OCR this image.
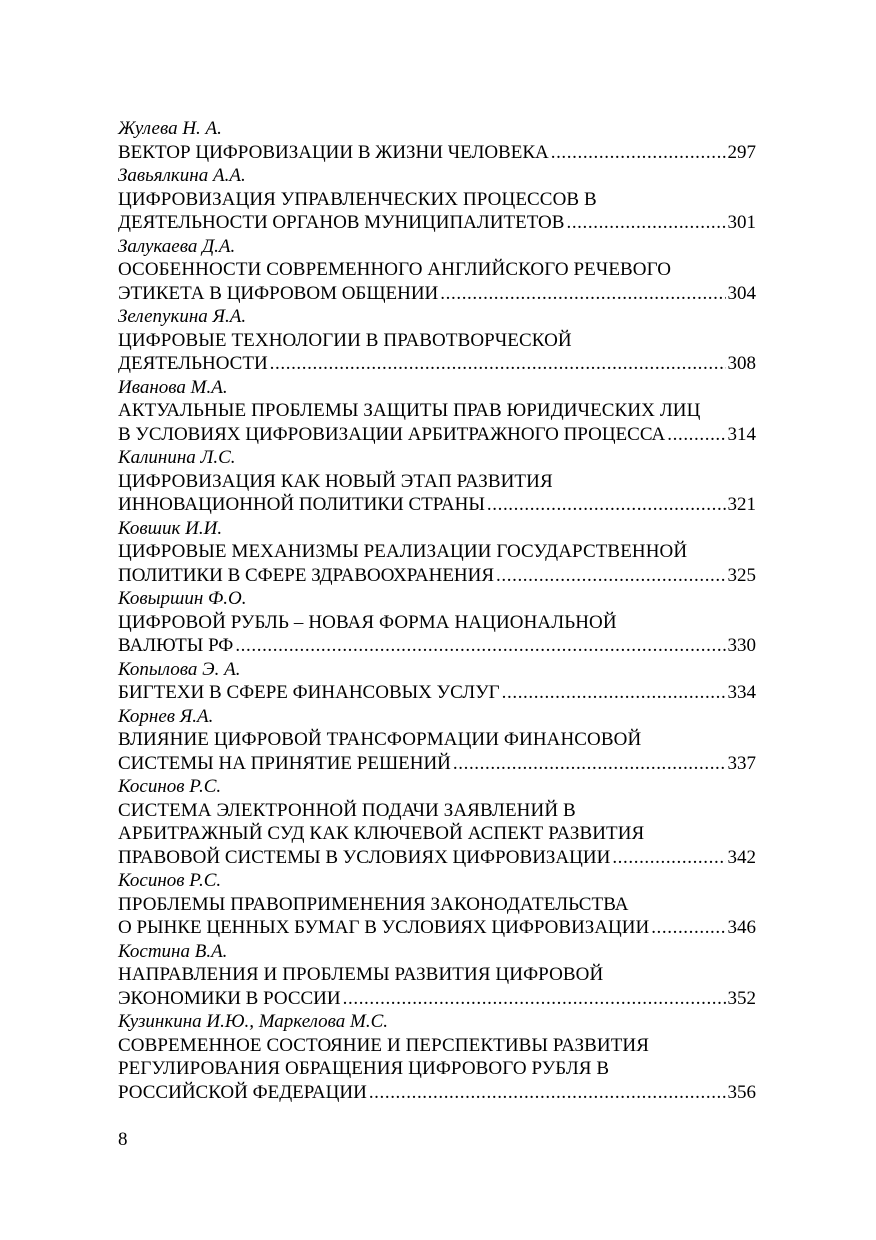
Жулева Н. А.
ВЕКТОР ЦИФРОВИЗАЦИИ В ЖИЗНИ ЧЕЛОВЕКА .....	297
Завьялкина А.А.
ЦИФРОВИЗАЦИЯ УПРАВЛЕНЧЕСКИХ ПРОЦЕССОВ В
ДЕЯТЕЛЬНОСТИ ОРГАНОВ МУНИЦИПАЛИТЕТОВ .....	301
Залукаева Д.А.
ОСОБЕННОСТИ СОВРЕМЕННОГО АНГЛИЙСКОГО РЕЧЕВОГО
ЭТИКЕТА В ЦИФРОВОМ ОБЩЕНИИ .....	304
Зелепукина Я.А.
ЦИФРОВЫЕ ТЕХНОЛОГИИ В ПРАВОТВОРЧЕСКОЙ
ДЕЯТЕЛЬНОСТИ .....	308
Иванова М.А.
АКТУАЛЬНЫЕ ПРОБЛЕМЫ ЗАЩИТЫ ПРАВ ЮРИДИЧЕСКИХ ЛИЦ
В УСЛОВИЯХ ЦИФРОВИЗАЦИИ АРБИТРАЖНОГО ПРОЦЕССА .....	314
Калинина Л.С.
ЦИФРОВИЗАЦИЯ КАК НОВЫЙ ЭТАП РАЗВИТИЯ
ИННОВАЦИОННОЙ ПОЛИТИКИ СТРАНЫ .....	321
Ковшик И.И.
ЦИФРОВЫЕ МЕХАНИЗМЫ РЕАЛИЗАЦИИ ГОСУДАРСТВЕННОЙ
ПОЛИТИКИ В СФЕРЕ ЗДРАВООХРАНЕНИЯ .....	325
Ковыршин Ф.О.
ЦИФРОВОЙ РУБЛЬ – НОВАЯ ФОРМА НАЦИОНАЛЬНОЙ
ВАЛЮТЫ РФ .....	330
Копылова Э. А.
БИГТЕХИ В СФЕРЕ ФИНАНСОВЫХ УСЛУГ .....	334
Корнев Я.А.
ВЛИЯНИЕ ЦИФРОВОЙ ТРАНСФОРМАЦИИ ФИНАНСОВОЙ
СИСТЕМЫ НА ПРИНЯТИЕ РЕШЕНИЙ .....	337
Косинов Р.С.
СИСТЕМА ЭЛЕКТРОННОЙ ПОДАЧИ ЗАЯВЛЕНИЙ В
АРБИТРАЖНЫЙ СУД КАК КЛЮЧЕВОЙ АСПЕКТ РАЗВИТИЯ
ПРАВОВОЙ СИСТЕМЫ В УСЛОВИЯХ ЦИФРОВИЗАЦИИ .....	342
Косинов Р.С.
ПРОБЛЕМЫ ПРАВОПРИМЕНЕНИЯ ЗАКОНОДАТЕЛЬСТВА
О РЫНКЕ ЦЕННЫХ БУМАГ В УСЛОВИЯХ ЦИФРОВИЗАЦИИ .....	346
Костина В.А.
НАПРАВЛЕНИЯ И ПРОБЛЕМЫ РАЗВИТИЯ ЦИФРОВОЙ
ЭКОНОМИКИ В РОССИИ .....	352
Кузинкина И.Ю., Маркелова М.С.
СОВРЕМЕННОЕ СОСТОЯНИЕ И ПЕРСПЕКТИВЫ РАЗВИТИЯ
РЕГУЛИРОВАНИЯ ОБРАЩЕНИЯ ЦИФРОВОГО РУБЛЯ В
РОССИЙСКОЙ ФЕДЕРАЦИИ .....	356
8
